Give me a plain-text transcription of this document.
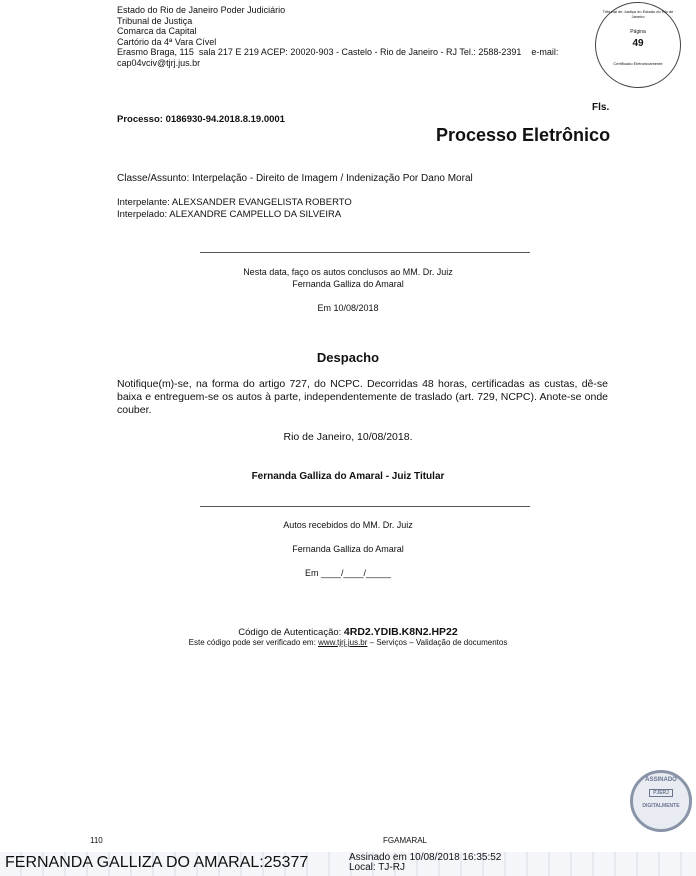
Estado do Rio de Janeiro Poder Judiciário
Tribunal de Justiça
Comarca da Capital
Cartório da 4ª Vara Cível
Erasmo Braga, 115  sala 217 E 219 ACEP: 20020-903 - Castelo - Rio de Janeiro - RJ Tel.: 2588-2391    e-mail:
cap04vciv@tjrj.jus.br
Tribunal de Justiça do Estado do Rio de Janeiro
Página
49
Certificado Eletronicamente
Fls.
Processo: 0186930-94.2018.8.19.0001
Processo Eletrônico
Classe/Assunto: Interpelação - Direito de Imagem / Indenização Por Dano Moral
Interpelante: ALEXSANDER EVANGELISTA ROBERTO
Interpelado: ALEXANDRE CAMPELLO DA SILVEIRA
Nesta data, faço os autos conclusos ao MM. Dr. Juiz
Fernanda Galliza do Amaral
Em 10/08/2018
Despacho
Notifique(m)-se, na forma do artigo 727, do NCPC. Decorridas 48 horas, certificadas as custas, dê-se baixa e entreguem-se os autos à parte, independentemente de traslado (art. 729, NCPC). Anote-se onde couber.
Rio de Janeiro, 10/08/2018.
Fernanda Galliza do Amaral - Juiz Titular
Autos recebidos do MM. Dr. Juiz
Fernanda Galliza do Amaral
Em ____/____/_____
Código de Autenticação: 4RD2.YDIB.K8N2.HP22
Este código pode ser verificado em: www.tjrj.jus.br – Serviços – Validação de documentos
110	FGAMARAL
ASSINADO
PJERJ
DIGITALMENTE
FERNANDA GALLIZA DO AMARAL:25377	Assinado em 10/08/2018 16:35:52
Local: TJ-RJ
